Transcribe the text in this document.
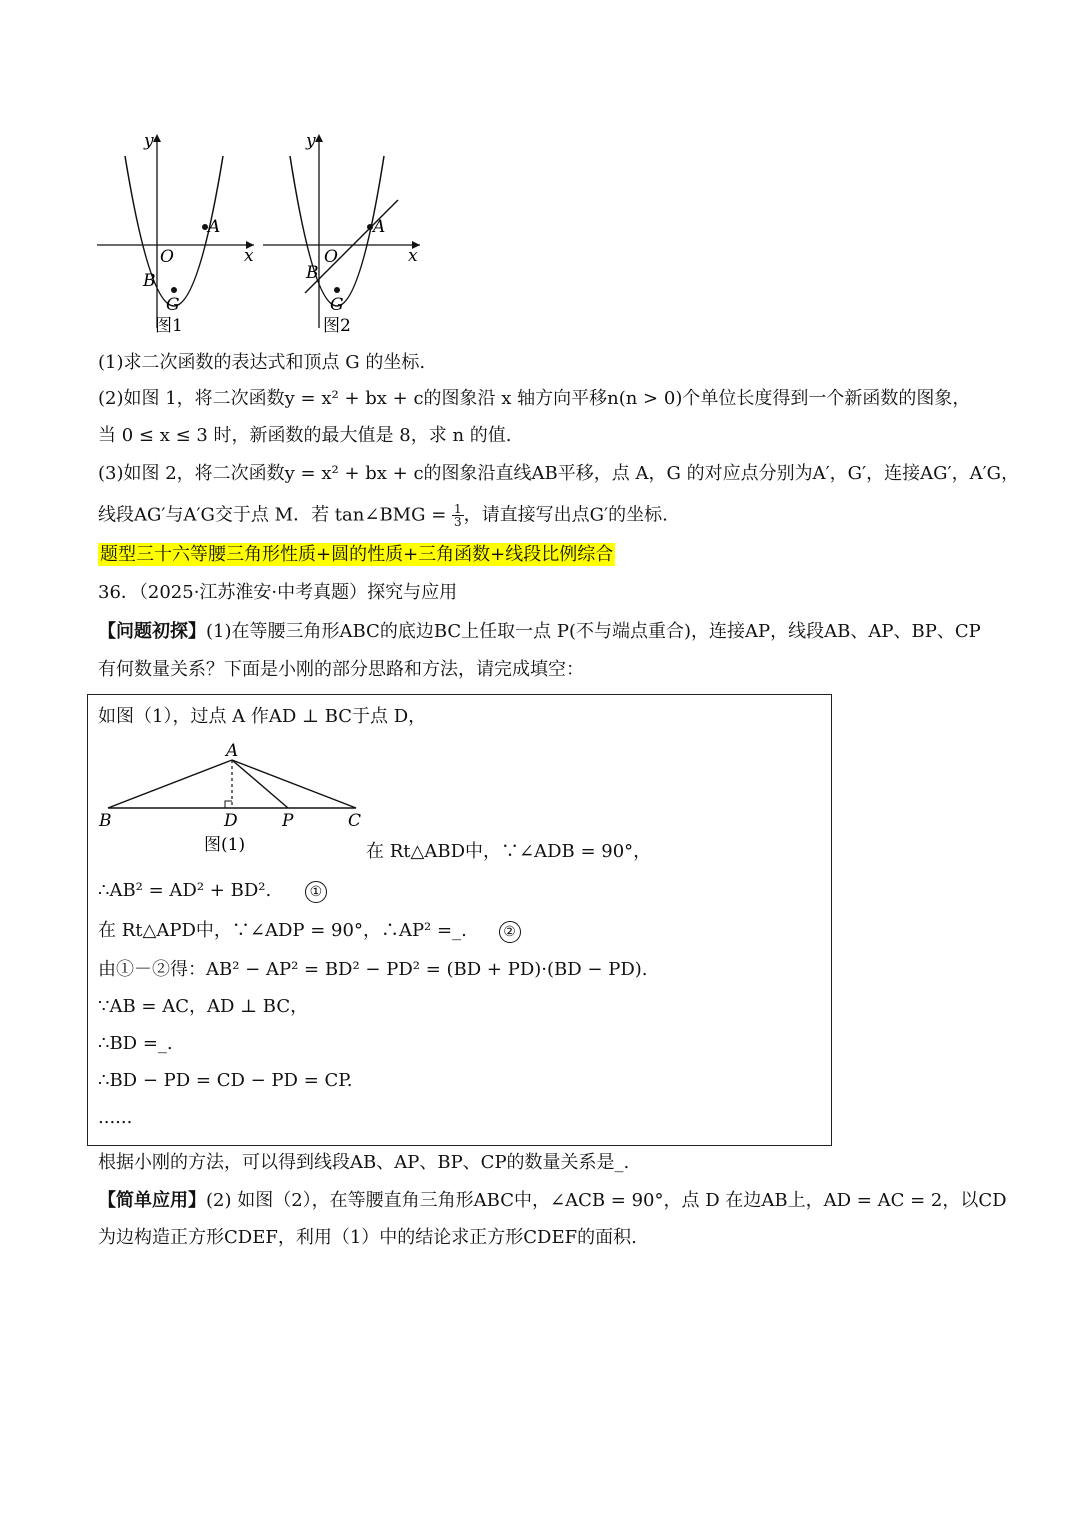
y
x
O
A
B
G
图1
y
x
O
A
B
G
图2
(1)求二次函数的表达式和顶点 G 的坐标.
(2)如图 1，将二次函数y = x² + bx + c的图象沿 x 轴方向平移n(n > 0)个单位长度得到一个新函数的图象，
当 0 ≤ x ≤ 3 时，新函数的最大值是 8，求 n 的值.
(3)如图 2，将二次函数y = x² + bx + c的图象沿直线AB平移，点 A，G 的对应点分别为A′，G′，连接AG′，A′G，
线段AG′与A′G交于点 M．若 tan∠BMG = $\frac{1}{3}$ ，请直接写出点G′的坐标.
题型三十六等腰三角形性质+圆的性质+三角函数+线段比例综合
36．（2025·江苏淮安·中考真题）探究与应用
【问题初探】(1)在等腰三角形ABC的底边BC上任取一点 P(不与端点重合)，连接AP，线段AB、AP、BP、CP
有何数量关系？下面是小刚的部分思路和方法，请完成填空：
如图（1），过点 A 作AD ⊥ BC于点 D，
A
B	D	P	C
图(1)	在 Rt△ABD中，∵∠ADB = 90°，
∴AB² = AD² + BD².	①
在 Rt△APD中，∵∠ADP = 90°，∴AP² =_.	②
由①－②得：AB² − AP² = BD² − PD² = (BD + PD)·(BD − PD).
∵AB = AC，AD ⊥ BC，
∴BD =_.
∴BD − PD = CD − PD = CP.
......
根据小刚的方法，可以得到线段AB、AP、BP、CP的数量关系是_.
【简单应用】(2) 如图（2），在等腰直角三角形ABC中，∠ACB = 90°，点 D 在边AB上，AD = AC = 2，以CD
为边构造正方形CDEF，利用（1）中的结论求正方形CDEF的面积.
